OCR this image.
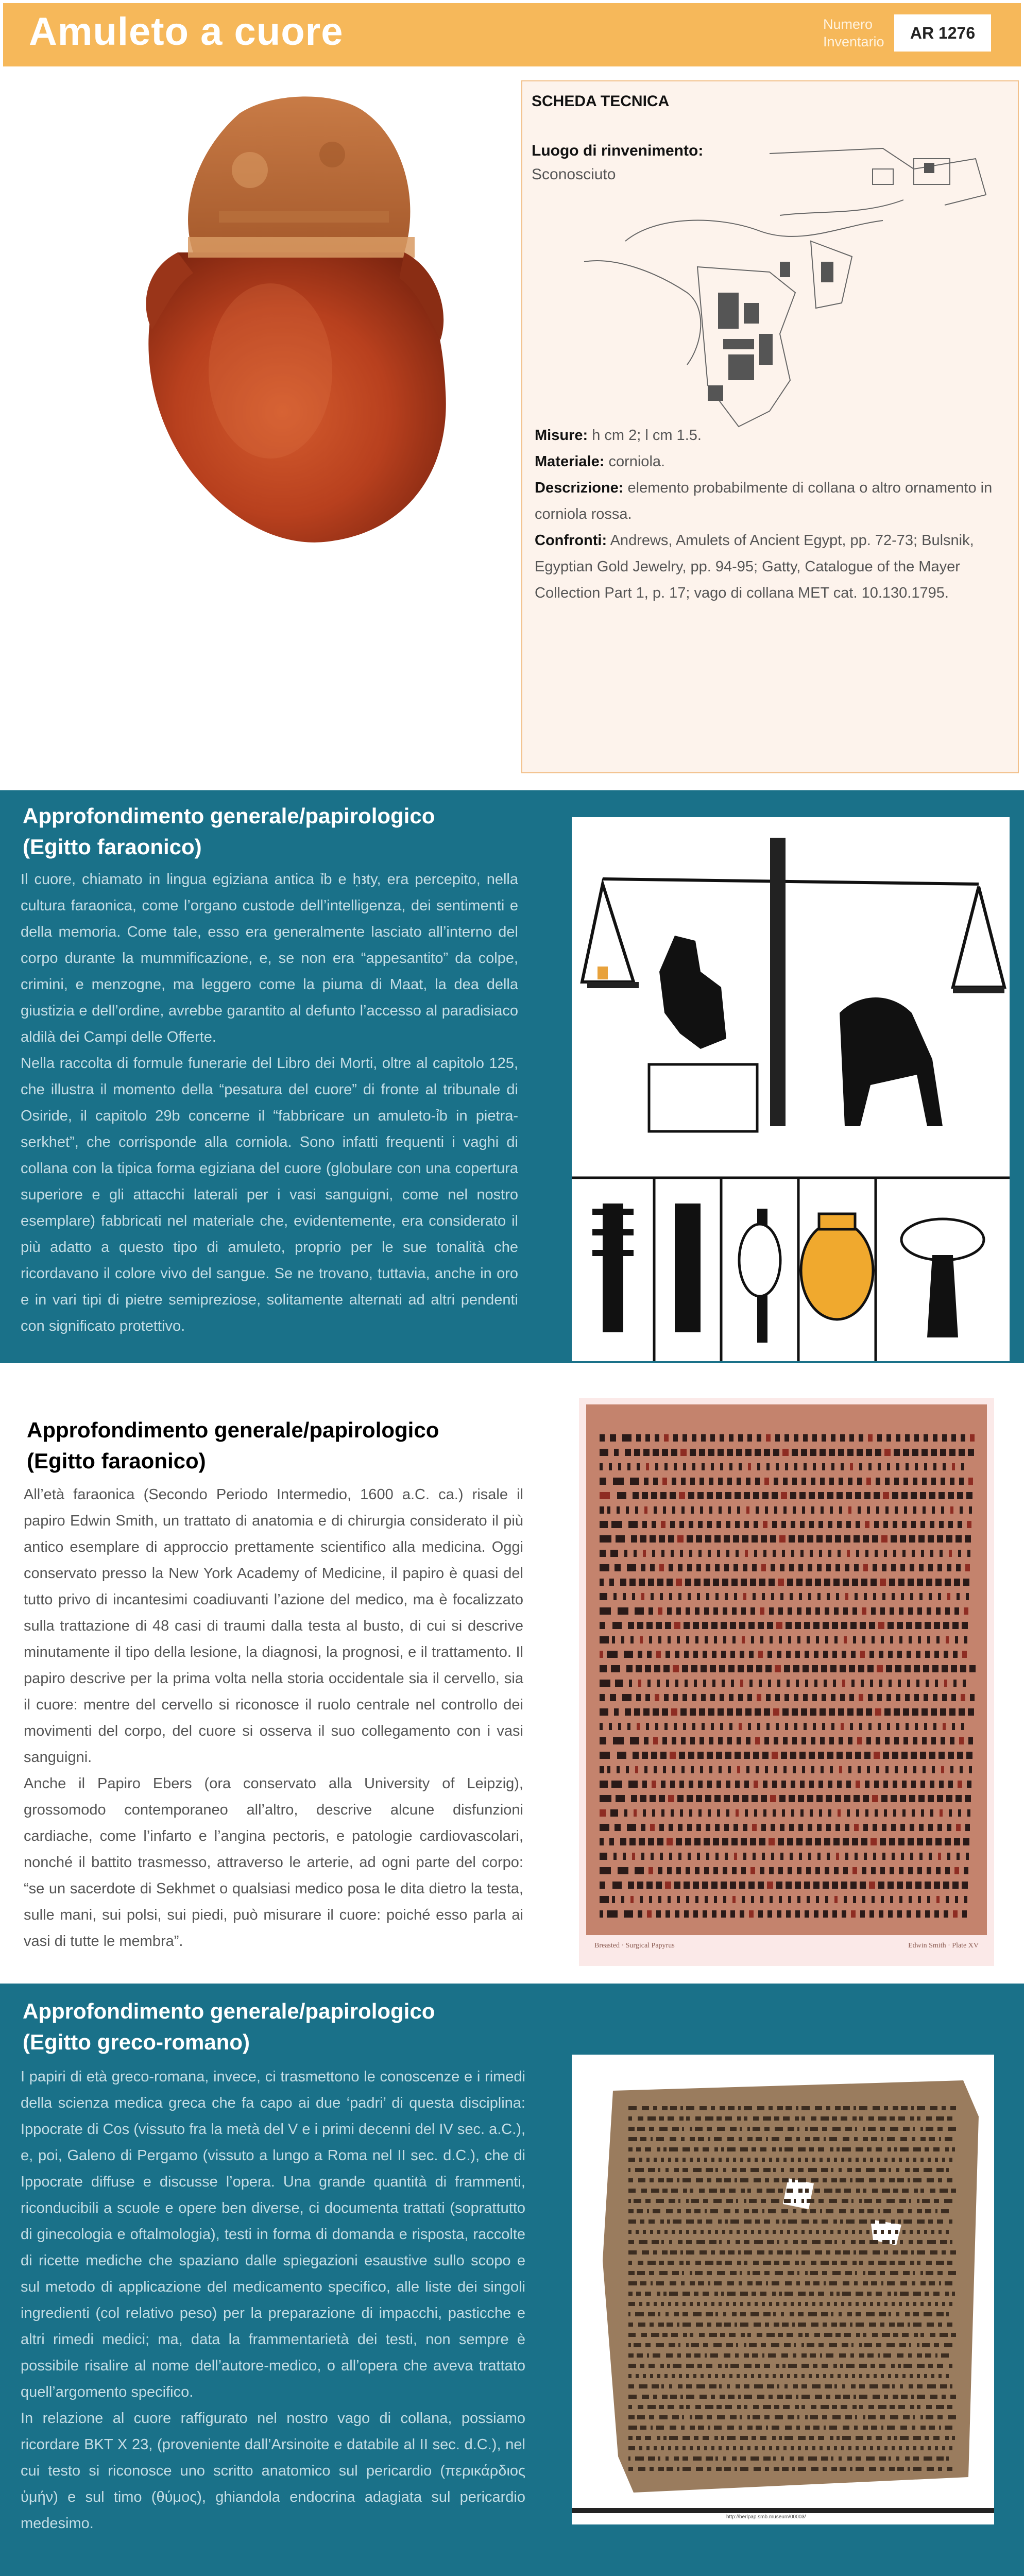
Amuleto a cuore	Numero Inventario	AR 1276
SCHEDA TECNICA
Luogo di rinvenimento:
Sconosciuto

Misure: h cm 2; l cm 1.5.

Materiale: corniola.

Descrizione: elemento probabilmente di collana o altro ornamento in corniola rossa.

Confronti: Andrews, Amulets of Ancient Egypt, pp. 72-73; Bulsnik, Egyptian Gold Jewelry, pp. 94-95; Gatty, Catalogue of the Mayer Collection Part 1, p. 17; vago di collana MET cat. 10.130.1795.

Approfondimento generale/papirologico
(Egitto faraonico)

Il cuore, chiamato in lingua egiziana antica ỉb e ḥꜣty, era percepito, nella cultura faraonica, come l’organo custode dell’intelligenza, dei sentimenti e della memoria. Come tale, esso era generalmente lasciato all’interno del corpo durante la mummificazione, e, se non era “appesantito” da colpe, crimini, e menzogne, ma leggero come la piuma di Maat, la dea della giustizia e dell’ordine, avrebbe garantito al defunto l’accesso al paradisiaco aldilà dei Campi delle Offerte.

Nella raccolta di formule funerarie del Libro dei Morti, oltre al capitolo 125, che illustra il momento della “pesatura del cuore” di fronte al tribunale di Osiride, il capitolo 29b concerne il “fabbricare un amuleto-ỉb in pietra-serkhet”, che corrisponde alla corniola. Sono infatti frequenti i vaghi di collana con la tipica forma egiziana del cuore (globulare con una copertura superiore e gli attacchi laterali per i vasi sanguigni, come nel nostro esemplare) fabbricati nel materiale che, evidentemente, era considerato il più adatto a questo tipo di amuleto, proprio per le sue tonalità che ricordavano il colore vivo del sangue. Se ne trovano, tuttavia, anche in oro e in vari tipi di pietre semipreziose, solitamente alternati ad altri pendenti con significato protettivo.

Approfondimento generale/papirologico
(Egitto faraonico)

All’età faraonica (Secondo Periodo Intermedio, 1600 a.C. ca.) risale il papiro Edwin Smith, un trattato di anatomia e di chirurgia considerato il più antico esemplare di approccio prettamente scientifico alla medicina. Oggi conservato presso la New York Academy of Medicine, il papiro è quasi del tutto privo di incantesimi coadiuvanti l’azione del medico, ma è focalizzato sulla trattazione di 48 casi di traumi dalla testa al busto, di cui si descrive minutamente il tipo della lesione, la diagnosi, la prognosi, e il trattamento. Il papiro descrive per la prima volta nella storia occidentale sia il cervello, sia il cuore: mentre del cervello si riconosce il ruolo centrale nel controllo dei movimenti del corpo, del cuore si osserva il suo collegamento con i vasi sanguigni.

Anche il Papiro Ebers (ora conservato alla University of Leipzig), grossomodo contemporaneo all’altro, descrive alcune disfunzioni cardiache, come l’infarto e l’angina pectoris, e patologie cardiovascolari, nonché il battito trasmesso, attraverso le arterie, ad ogni parte del corpo: “se un sacerdote di Sekhmet o qualsiasi medico posa le dita dietro la testa, sulle mani, sui polsi, sui piedi, può misurare il cuore: poiché esso parla ai vasi di tutte le membra”.	Breasted · Surgical Papyrus	Edwin Smith · Plate XV
Approfondimento generale/papirologico
(Egitto greco-romano)

I papiri di età greco-romana, invece, ci trasmettono le conoscenze e i rimedi della scienza medica greca che fa capo ai due ‘padri’ di questa disciplina: Ippocrate di Cos (vissuto fra la metà del V e i primi decenni del IV sec. a.C.), e, poi, Galeno di Pergamo (vissuto a lungo a Roma nel II sec. d.C.), che di Ippocrate diffuse e discusse l’opera. Una grande quantità di frammenti, riconducibili a scuole e opere ben diverse, ci documenta trattati (soprattutto di ginecologia e oftalmologia), testi in forma di domanda e risposta, raccolte di ricette mediche che spaziano dalle spiegazioni esaustive sullo scopo e sul metodo di applicazione del medicamento specifico, alle liste dei singoli ingredienti (col relativo peso) per la preparazione di impacchi, pasticche e altri rimedi medici; ma, data la frammentarietà dei testi, non sempre è possibile risalire al nome dell’autore-medico, o all’opera che aveva trattato quell’argomento specifico.

In relazione al cuore raffigurato nel nostro vago di collana, possiamo ricordare BKT X 23, (proveniente dall’Arsinoite e databile al II sec. d.C.), nel cui testo si riconosce uno scritto anatomico sul pericardio (περικάρδιος ὑμήν) e sul timo (θύμος), ghiandola endocrina adagiata sul pericardio medesimo.	http://berlpap.smb.museum/00003/
